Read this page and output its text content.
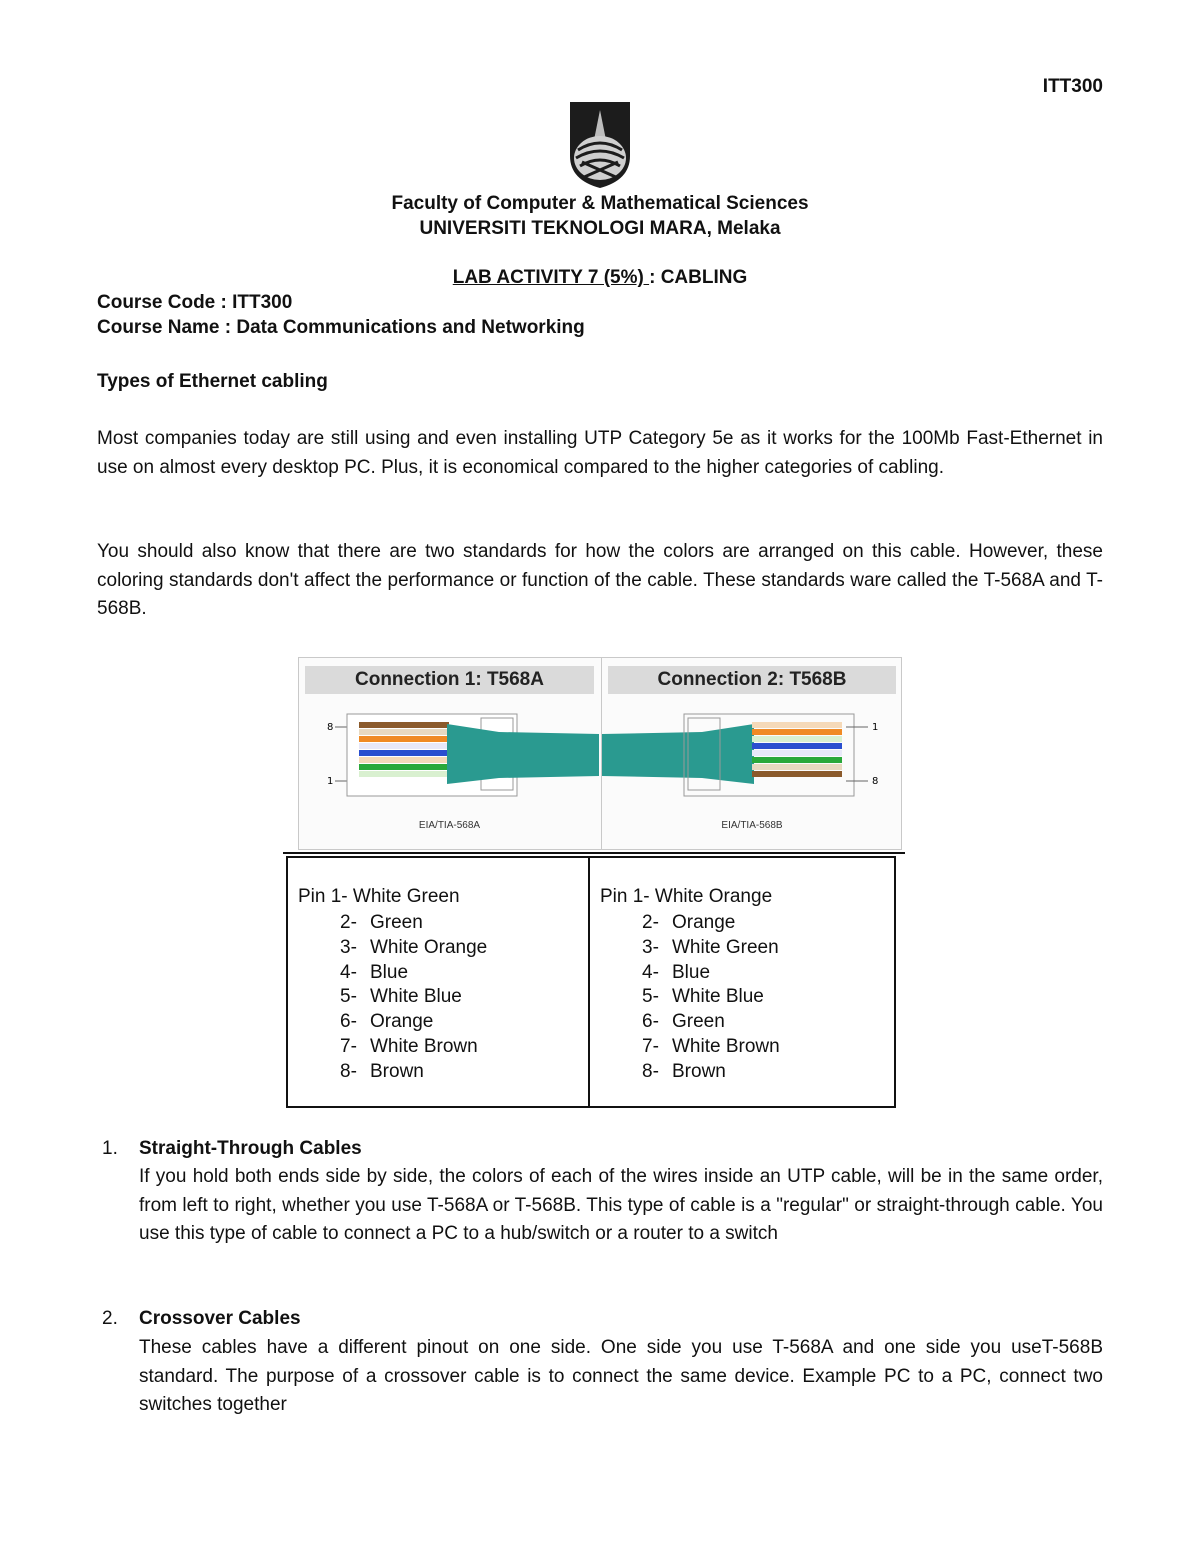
ITT300
Faculty of Computer & Mathematical Sciences
UNIVERSITI TEKNOLOGI MARA, Melaka
LAB ACTIVITY 7 (5%) : CABLING
Course Code : ITT300
Course Name : Data Communications and Networking
Types of Ethernet cabling
Most companies today are still using and even installing UTP Category 5e as it works for the 100Mb Fast-Ethernet in use on almost every desktop PC. Plus, it is economical compared to the higher categories of cabling.
You should also know that there are two standards for how the colors are arranged on this cable. However, these coloring standards don't affect the performance or function of the cable. These standards ware called the T-568A and T-568B.
Connection 1: T568A
8
1
EIA/TIA-568A
Connection 2: T568B
1
8
EIA/TIA-568B
Pin 1- White Green
2- Green
3- White Orange
4- Blue
5- White Blue
6- Orange
7- White Brown
8- Brown
Pin 1- White Orange
2- Orange
3- White Green
4- Blue
5- White Blue
6- Green
7- White Brown
8- Brown
1. Straight-Through Cables
If you hold both ends side by side, the colors of each of the wires inside an UTP cable, will be in the same order, from left to right, whether you use T-568A or T-568B. This type of cable is a "regular" or straight-through cable. You use this type of cable to connect a PC to a hub/switch or a router to a switch
2. Crossover Cables
These cables have a different pinout on one side. One side you use T-568A and one side you useT-568B standard. The purpose of a crossover cable is to connect the same device. Example PC to a PC, connect two switches together
